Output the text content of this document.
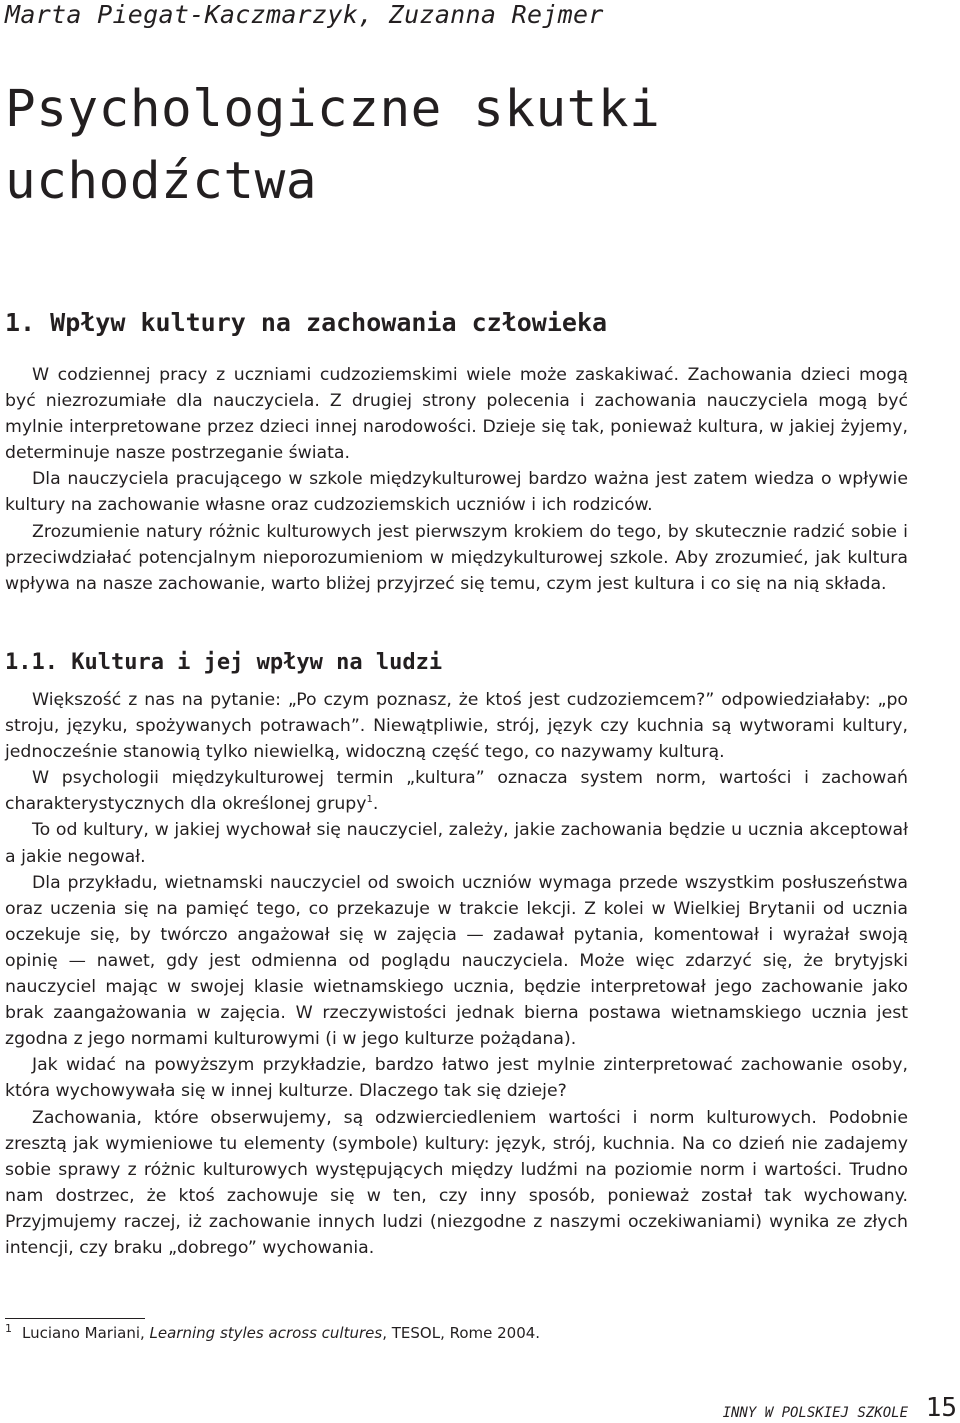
Marta Piegat-Kaczmarzyk, Zuzanna Rejmer

Psychologiczne skutki uchodźctwa
1. Wpływ kultury na zachowania człowieka

W codziennej pracy z uczniami cudzoziemskimi wiele może zaskakiwać. Zachowania dzieci mogą być niezrozumiałe dla nauczyciela. Z drugiej strony polecenia i zachowania nauczyciela mogą być mylnie interpretowane przez dzieci innej narodowości. Dzieje się tak, ponieważ kultura, w jakiej żyjemy, determinuje nasze postrzeganie świata.

Dla nauczyciela pracującego w szkole międzykulturowej bardzo ważna jest zatem wiedza o wpływie kultury na zachowanie własne oraz cudzoziemskich uczniów i ich rodziców.

Zrozumienie natury różnic kulturowych jest pierwszym krokiem do tego, by skutecznie radzić sobie i przeciwdziałać potencjalnym nieporozumieniom w międzykulturowej szkole. Aby zrozumieć, jak kultura wpływa na nasze zachowanie, warto bliżej przyjrzeć się temu, czym jest kultura i co się na nią składa.

1.1. Kultura i jej wpływ na ludzi

Większość z nas na pytanie: „Po czym poznasz, że ktoś jest cudzoziemcem?” odpowiedziałaby: „po stroju, języku, spożywanych potrawach”. Niewątpliwie, strój, język czy kuchnia są wytworami kultury, jednocześnie stanowią tylko niewielką, widoczną część tego, co nazywamy kulturą.

W psychologii międzykulturowej termin „kultura” oznacza system norm, wartości i zachowań charakterystycznych dla określonej grupy$^1$.

To od kultury, w jakiej wychował się nauczyciel, zależy, jakie zachowania będzie u ucznia akceptował a jakie negował.

Dla przykładu, wietnamski nauczyciel od swoich uczniów wymaga przede wszystkim posłuszeństwa oraz uczenia się na pamięć tego, co przekazuje w trakcie lekcji. Z kolei w Wielkiej Brytanii od ucznia oczekuje się, by twórczo angażował się w zajęcia — zadawał pytania, komentował i wyrażał swoją opinię — nawet, gdy jest odmienna od poglądu nauczyciela. Może więc zdarzyć się, że brytyjski nauczyciel mając w swojej klasie wietnamskiego ucznia, będzie interpretował jego zachowanie jako brak zaangażowania w zajęcia. W rzeczywistości jednak bierna postawa wietnamskiego ucznia jest zgodna z jego normami kulturowymi (i w jego kulturze pożądana).

Jak widać na powyższym przykładzie, bardzo łatwo jest mylnie zinterpretować zachowanie osoby, która wychowywała się w innej kulturze. Dlaczego tak się dzieje?

Zachowania, które obserwujemy, są odzwierciedleniem wartości i norm kulturowych. Podobnie zresztą jak wymieniowe tu elementy (symbole) kultury: język, strój, kuchnia. Na co dzień nie zadajemy sobie sprawy z różnic kulturowych występujących między ludźmi na poziomie norm i wartości. Trudno nam dostrzec, że ktoś zachowuje się w ten, czy inny sposób, ponieważ został tak wychowany. Przyjmujemy raczej, iż zachowanie innych ludzi (niezgodne z naszymi oczekiwaniami) wynika ze złych intencji, czy braku „dobrego” wychowania.

$^1$ Luciano Mariani, Learning styles across cultures, TESOL, Rome 2004.

INNY W POLSKIEJ SZKOLE 15
